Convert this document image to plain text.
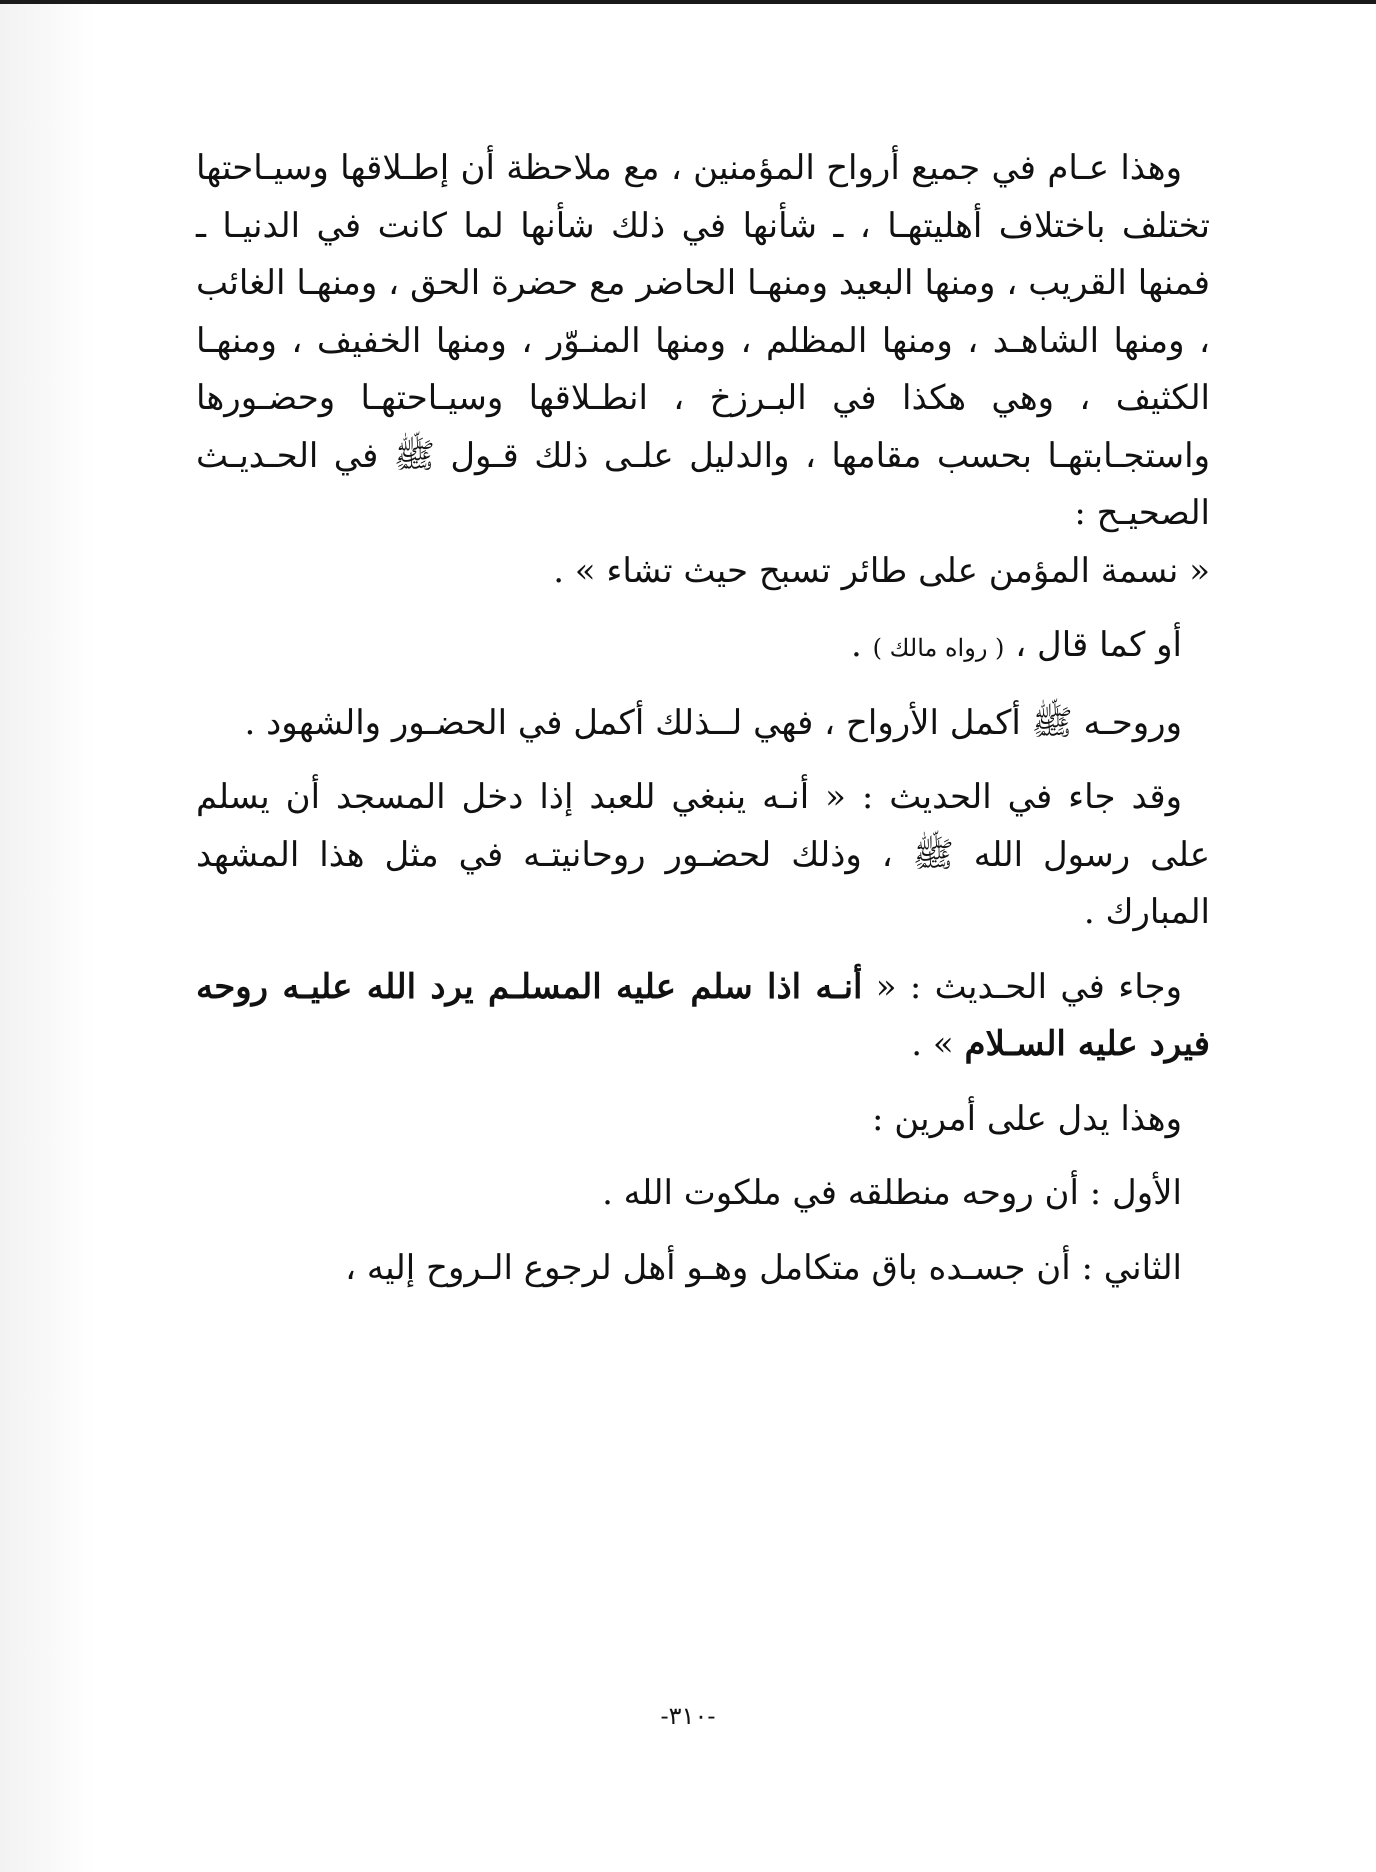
وهذا عـام في جميع أرواح المؤمنين ، مع ملاحظة أن إطـلاقها وسيـاحتها تختلف باختلاف أهليتهـا ، ـ شأنها في ذلك شأنها لما كانت في الدنيـا ـ فمنها القريب ، ومنها البعيد ومنهـا الحاضر مع حضرة الحق ، ومنهـا الغائب ، ومنها الشاهـد ، ومنها المظلم ، ومنها المنـوّر ، ومنها الخفيف ، ومنهـا الكثيف ، وهي هكذا في البـرزخ ، انطـلاقها وسيـاحتهـا وحضـورها واستجـابتهـا بحسب مقامها ، والدليل علـى ذلك قـول ﷺ في الحـديـث الصحيـح :
« نسمة المؤمن على طائر تسبح حيث تشاء » .

أو كما قال ، ( رواه مالك ) .

وروحـه ﷺ أكمل الأرواح ، فهي لــذلك أكمل في الحضـور والشهود .

وقد جاء في الحديث : « أنـه ينبغي للعبد إذا دخل المسجد أن يسلم على رسول الله ﷺ ، وذلك لحضـور روحانيتـه في مثل هذا المشهد المبارك .

وجاء في الحـديث : « أنـه اذا سلم عليه المسلـم يرد الله عليـه روحه فيرد عليه السـلام » .

وهذا يدل على أمرين :

الأول : أن روحه منطلقه في ملكوت الله .

الثاني : أن جسـده باق متكامل وهـو أهل لرجوع الـروح إليه ،

-٣١٠-
